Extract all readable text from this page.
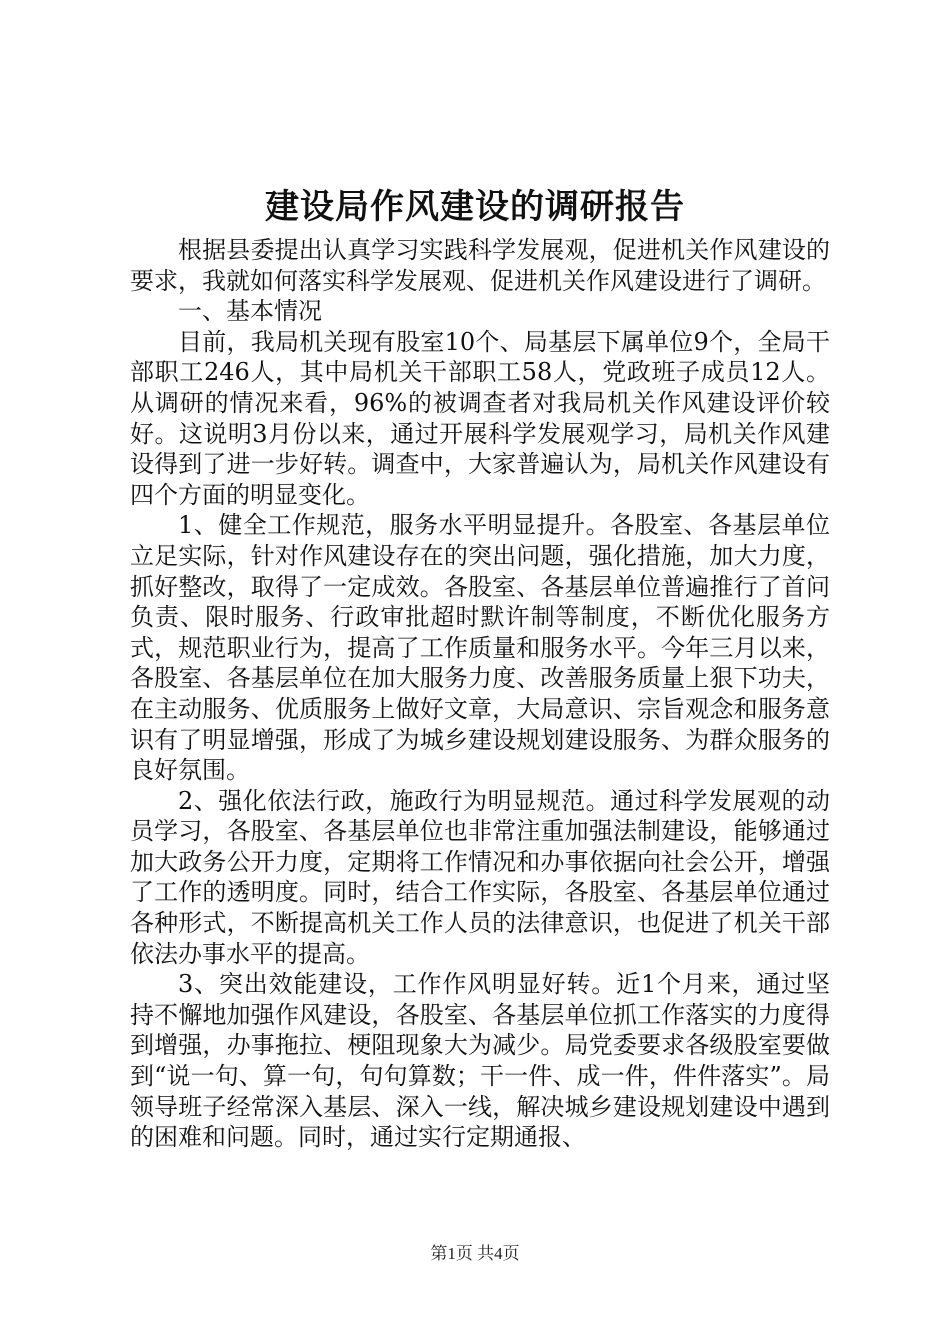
建设局作风建设的调研报告

根据县委提出认真学习实践科学发展观，促进机关作风建设的要求，我就如何落实科学发展观、促进机关作风建设进行了调研。

一、基本情况

目前，我局机关现有股室10个、局基层下属单位9个，全局干部职工246人，其中局机关干部职工58人，党政班子成员12人。从调研的情况来看，96%的被调查者对我局机关作风建设评价较好。这说明3月份以来，通过开展科学发展观学习，局机关作风建设得到了进一步好转。调查中，大家普遍认为，局机关作风建设有四个方面的明显变化。

1、健全工作规范，服务水平明显提升。各股室、各基层单位立足实际，针对作风建设存在的突出问题，强化措施，加大力度，抓好整改，取得了一定成效。各股室、各基层单位普遍推行了首问负责、限时服务、行政审批超时默许制等制度，不断优化服务方式，规范职业行为，提高了工作质量和服务水平。今年三月以来，各股室、各基层单位在加大服务力度、改善服务质量上狠下功夫，在主动服务、优质服务上做好文章，大局意识、宗旨观念和服务意识有了明显增强，形成了为城乡建设规划建设服务、为群众服务的良好氛围。

2、强化依法行政，施政行为明显规范。通过科学发展观的动员学习，各股室、各基层单位也非常注重加强法制建设，能够通过加大政务公开力度，定期将工作情况和办事依据向社会公开，增强了工作的透明度。同时，结合工作实际，各股室、各基层单位通过各种形式，不断提高机关工作人员的法律意识，也促进了机关干部依法办事水平的提高。

3、突出效能建设，工作作风明显好转。近1个月来，通过坚持不懈地加强作风建设，各股室、各基层单位抓工作落实的力度得到增强，办事拖拉、梗阻现象大为减少。局党委要求各级股室要做到“说一句、算一句，句句算数；干一件、成一件，件件落实”。局领导班子经常深入基层、深入一线，解决城乡建设规划建设中遇到的困难和问题。同时，通过实行定期通报、

第1页 共4页
